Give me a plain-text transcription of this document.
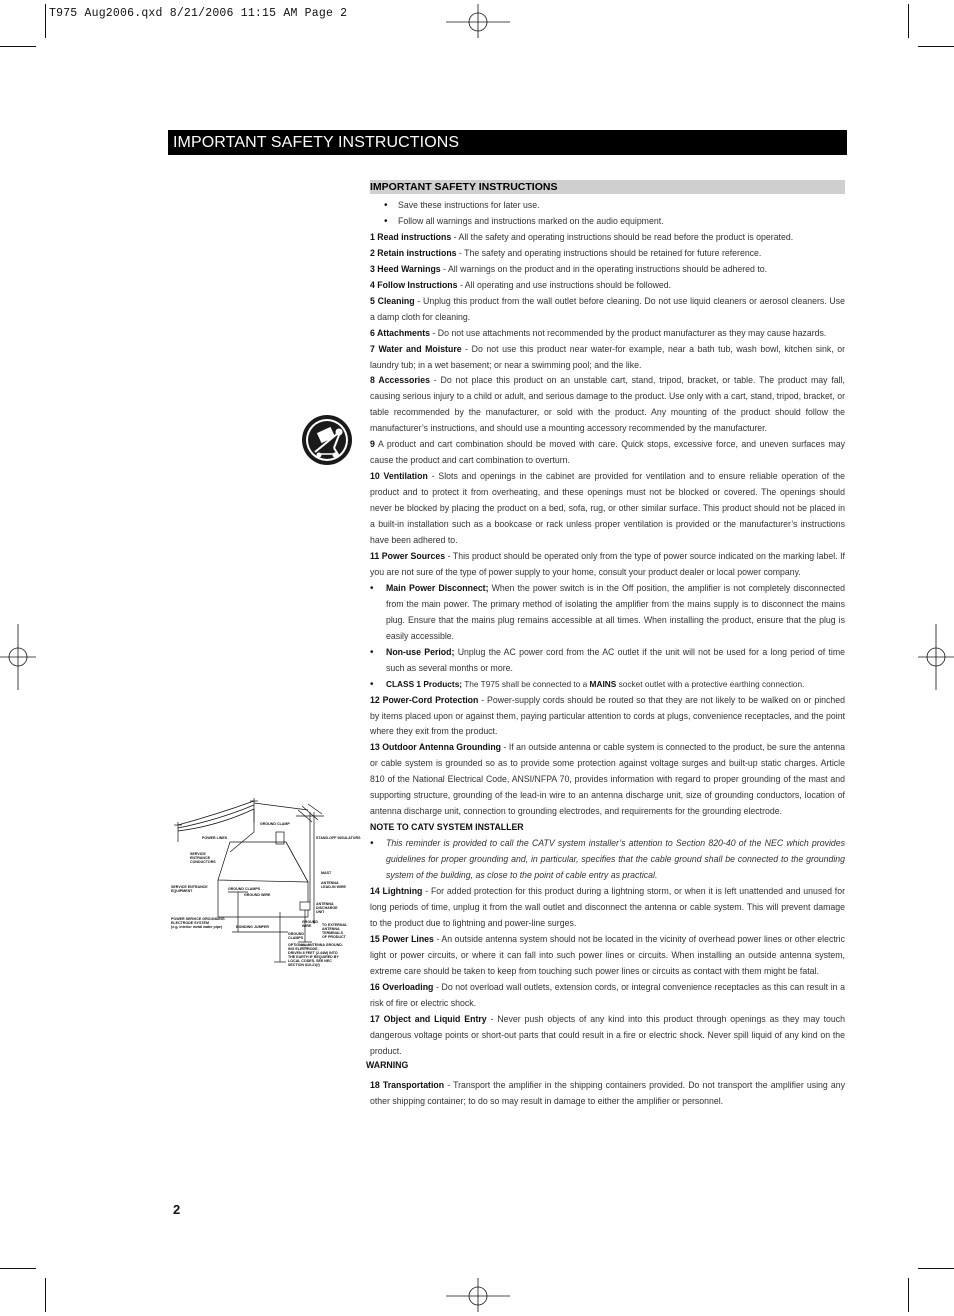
T975 Aug2006.qxd 8/21/2006 11:15 AM Page 2
IMPORTANT SAFETY INSTRUCTIONS
GROUND CLAMP
POWER LINES	STAND-OFF INSULATORS
SERVICE
ENTRANCE
CONDUCTORS
MAST
ANTENNA
LEAD-IN WIRE
SERVICE ENTRANCE
EQUIPMENT	GROUND CLAMPS
GROUND WIRE
ANTENNA
DISCHARGE
UNIT
POWER SERVICE GROUNDING
ELECTRODE SYSTEM
(e.g. interior metal water pipe)	BONDING JUMPER
GROUND
WIRE	TO EXTERNAL
ANTENNA
TERMINALS
OF PRODUCT
GROUND
CLAMPS
OPTIONAL ANTENNA GROUND-
ING ELECTRODE,
DRIVEN 8 FEET (2.44M) INTO
THE EARTH IF REQUIRED BY
LOCAL CODES. SEE NEC
SECTION 810-21(f)
IMPORTANT SAFETY INSTRUCTIONS

• Save these instructions for later use.

• Follow all warnings and instructions marked on the audio equipment.

1 Read instructions - All the safety and operating instructions should be read before the product is operated.

2 Retain instructions - The safety and operating instructions should be retained for future reference.

3 Heed Warnings - All warnings on the product and in the operating instructions should be adhered to.

4 Follow Instructions - All operating and use instructions should be followed.

5 Cleaning - Unplug this product from the wall outlet before cleaning. Do not use liquid cleaners or aerosol cleaners. Use a damp cloth for cleaning.

6 Attachments - Do not use attachments not recommended by the product manufacturer as they may cause hazards.

7 Water and Moisture - Do not use this product near water-for example, near a bath tub, wash bowl, kitchen sink, or laundry tub; in a wet basement; or near a swimming pool; and the like.

8 Accessories - Do not place this product on an unstable cart, stand, tripod, bracket, or table. The product may fall, causing serious injury to a child or adult, and serious damage to the product. Use only with a cart, stand, tripod, bracket, or table recommended by the manufacturer, or sold with the product. Any mounting of the product should follow the manufacturer’s instructions, and should use a mounting accessory recommended by the manufacturer.

9 A product and cart combination should be moved with care. Quick stops, excessive force, and uneven surfaces may cause the product and cart combination to overturn.

10 Ventilation - Slots and openings in the cabinet are provided for ventilation and to ensure reliable operation of the product and to protect it from overheating, and these openings must not be blocked or covered. The openings should never be blocked by placing the product on a bed, sofa, rug, or other similar surface. This product should not be placed in a built-in installation such as a bookcase or rack unless proper ventilation is provided or the manufacturer’s instructions have been adhered to.

11 Power Sources - This product should be operated only from the type of power source indicated on the marking label. If you are not sure of the type of power supply to your home, consult your product dealer or local power company.

• Main Power Disconnect; When the power switch is in the Off position, the amplifier is not completely disconnected from the main power. The primary method of isolating the amplifier from the mains supply is to disconnect the mains plug. Ensure that the mains plug remains accessible at all times. When installing the product, ensure that the plug is easily accessible.

• Non-use Period; Unplug the AC power cord from the AC outlet if the unit will not be used for a long period of time such as several months or more.

• CLASS 1 Products; The T975 shall be connected to a MAINS socket outlet with a protective earthing connection.

12 Power-Cord Protection - Power-supply cords should be routed so that they are not likely to be walked on or pinched by items placed upon or against them, paying particular attention to cords at plugs, convenience receptacles, and the point where they exit from the product.

13 Outdoor Antenna Grounding - If an outside antenna or cable system is connected to the product, be sure the antenna or cable system is grounded so as to provide some protection against voltage surges and built-up static charges. Article 810 of the National Electrical Code, ANSI/NFPA 70, provides information with regard to proper grounding of the mast and supporting structure, grounding of the lead-in wire to an antenna discharge unit, size of grounding conductors, location of antenna discharge unit, connection to grounding electrodes, and requirements for the grounding electrode.

NOTE TO CATV SYSTEM INSTALLER

• This reminder is provided to call the CATV system installer’s attention to Section 820-40 of the NEC which provides guidelines for proper grounding and, in particular, specifies that the cable ground shall be connected to the grounding system of the building, as close to the point of cable entry as practical.

14 Lightning - For added protection for this product during a lightning storm, or when it is left unattended and unused for long periods of time, unplug it from the wall outlet and disconnect the antenna or cable system. This will prevent damage to the product due to lightning and power-line surges.

15 Power Lines - An outside antenna system should not be located in the vicinity of overhead power lines or other electric light or power circuits, or where it can fall into such power lines or circuits. When installing an outside antenna system, extreme care should be taken to keep from touching such power lines or circuits as contact with them might be fatal.

16 Overloading - Do not overload wall outlets, extension cords, or integral convenience receptacles as this can result in a risk of fire or electric shock.

17 Object and Liquid Entry - Never push objects of any kind into this product through openings as they may touch dangerous voltage points or short-out parts that could result in a fire or electric shock. Never spill liquid of any kind on the product.

WARNING

18 Transportation - Transport the amplifier in the shipping containers provided. Do not transport the amplifier using any other shipping container; to do so may result in damage to either the amplifier or personnel.

2
